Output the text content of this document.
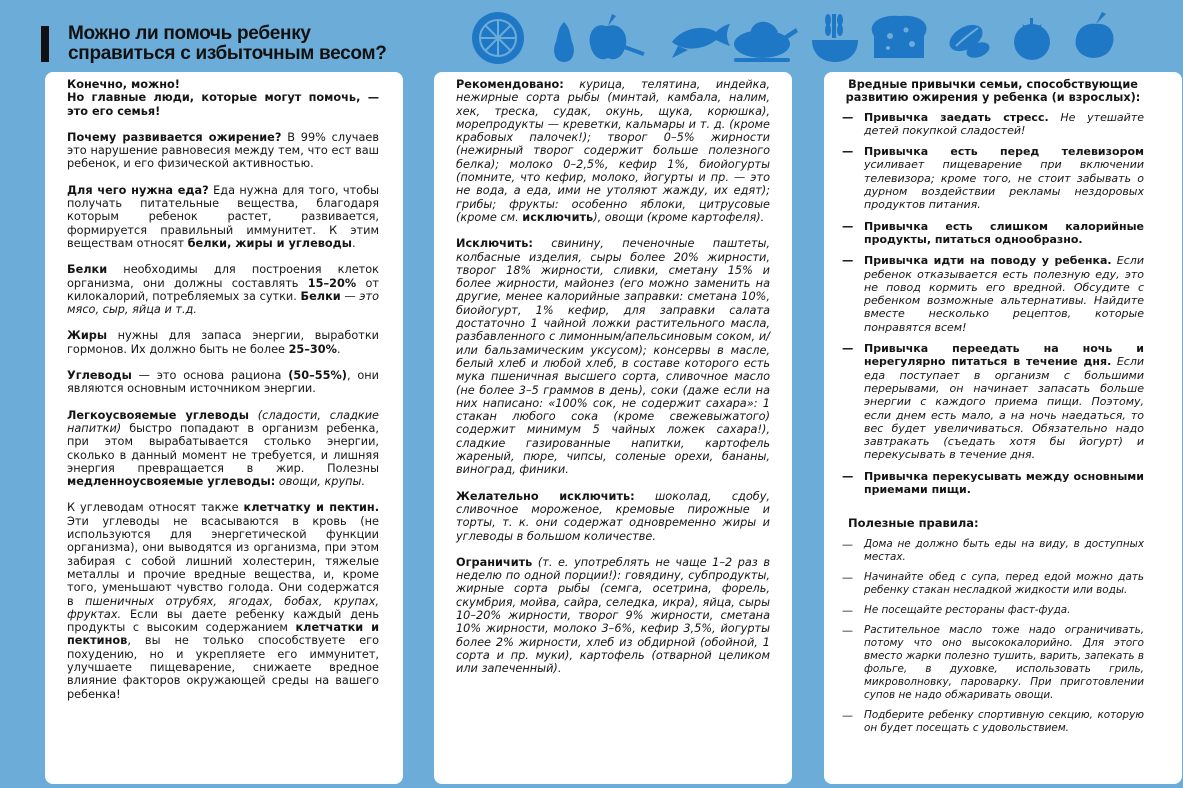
Можно ли помочь ребенку
справиться с избыточным весом?

Конечно, можно!
Но главные люди, которые могут помочь, — это его семья!

Почему развивается ожирение? В 99% случаев это нарушение равновесия между тем, что ест ваш ребенок, и его физической активностью.

Для чего нужна еда? Еда нужна для того, чтобы получать питательные вещества, благодаря которым ребенок растет, развивается, формируется правильный иммунитет. К этим веществам относят белки, жиры и углеводы.

Белки необходимы для построения клеток организма, они должны составлять 15–20% от килокалорий, потребляемых за сутки. Белки — это мясо, сыр, яйца и т.д.

Жиры нужны для запаса энергии, выработки гормонов. Их должно быть не более 25–30%.

Углеводы — это основа рациона (50–55%), они являются основным источником энергии.

Легкоусвояемые углеводы (сладости, сладкие напитки) быстро попадают в организм ребенка, при этом вырабатывается столько энергии, сколько в данный момент не требуется, и лишняя энергия превращается в жир. Полезны медленноусвояемые углеводы: овощи, крупы.

К углеводам относят также клетчатку и пектин. Эти углеводы не всасываются в кровь (не используются для энергетической функции организма), они выводятся из организма, при этом забирая с собой лишний холестерин, тяжелые металлы и прочие вредные вещества, и, кроме того, уменьшают чувство голода. Они содержатся в пшеничных отрубях, ягодах, бобах, крупах, фруктах. Если вы даете ребенку каждый день продукты с высоким содержанием клетчатки и пектинов, вы не только способствуете его похудению, но и укрепляете его иммунитет, улучшаете пищеварение, снижаете вредное влияние факторов окружающей среды на вашего ребенка!

Рекомендовано: курица, телятина, индейка, нежирные сорта рыбы (минтай, камбала, налим, хек, треска, судак, окунь, щука, корюшка), морепродукты — креветки, кальмары и т. д. (кроме крабовых палочек!); творог 0–5% жирности (нежирный творог содержит больше полезного белка); молоко 0–2,5%, кефир 1%, биойогурты (помните, что кефир, молоко, йогурты и пр. — это не вода, а еда, ими не утоляют жажду, их едят); грибы; фрукты: особенно яблоки, цитрусовые (кроме см. исключить), овощи (кроме картофеля).

Исключить: свинину, печеночные паштеты, колбасные изделия, сыры более 20% жирности, творог 18% жирности, сливки, сметану 15% и более жирности, майонез (его можно заменить на другие, менее калорийные заправки: сметана 10%, биойогурт, 1% кефир, для заправки салата достаточно 1 чайной ложки растительного масла, разбавленного с лимонным/апельсиновым соком, и/или бальзамическим уксусом); консервы в масле, белый хлеб и любой хлеб, в составе которого есть мука пшеничная высшего сорта, сливочное масло (не более 3–5 граммов в день), соки (даже если на них написано: «100% сок, не содержит сахара»: 1 стакан любого сока (кроме свежевыжатого) содержит минимум 5 чайных ложек сахара!), сладкие газированные напитки, картофель жареный, пюре, чипсы, соленые орехи, бананы, виноград, финики.

Желательно исключить: шоколад, сдобу, сливочное мороженое, кремовые пирожные и торты, т. к. они содержат одновременно жиры и углеводы в большом количестве.

Ограничить (т. е. употреблять не чаще 1–2 раз в неделю по одной порции!): говядину, субпродукты, жирные сорта рыбы (семга, осетрина, форель, скумбрия, мойва, сайра, селедка, икра), яйца, сыры 10–20% жирности, творог 9% жирности, сметана 10% жирности, молоко 3–6%, кефир 3,5%, йогурты более 2% жирности, хлеб из обдирной (обойной, 1 сорта и пр. муки), картофель (отварной целиком или запеченный).

Вредные привычки семьи, способствующие развитию ожирения у ребенка (и взрослых):
— Привычка заедать стресс. Не утешайте детей покупкой сладостей!
— Привычка есть перед телевизором усиливает пищеварение при включении телевизора; кроме того, не стоит забывать о дурном воздействии рекламы нездоровых продуктов питания.
— Привычка есть слишком калорийные продукты, питаться однообразно.
— Привычка идти на поводу у ребенка. Если ребенок отказывается есть полезную еду, это не повод кормить его вредной. Обсудите с ребенком возможные альтернативы. Найдите вместе несколько рецептов, которые понравятся всем!
— Привычка переедать на ночь и нерегулярно питаться в течение дня. Если еда поступает в организм с большими перерывами, он начинает запасать больше энергии с каждого приема пищи. Поэтому, если днем есть мало, а на ночь наедаться, то вес будет увеличиваться. Обязательно надо завтракать (съедать хотя бы йогурт) и перекусывать в течение дня.
— Привычка перекусывать между основными приемами пищи.
Полезные правила:
—	Дома не должно быть еды на виду, в доступных местах.
—	Начинайте обед с супа, перед едой можно дать ребенку стакан несладкой жидкости или воды.
—	Не посещайте рестораны фаст-фуда.
—	Растительное масло тоже надо ограничивать, потому что оно высококалорийно. Для этого вместо жарки полезно тушить, варить, запекать в фольге, в духовке, использовать гриль, микроволновку, пароварку. При приготовлении супов не надо обжаривать овощи.
—	Подберите ребенку спортивную секцию, которую он будет посещать с удовольствием.
